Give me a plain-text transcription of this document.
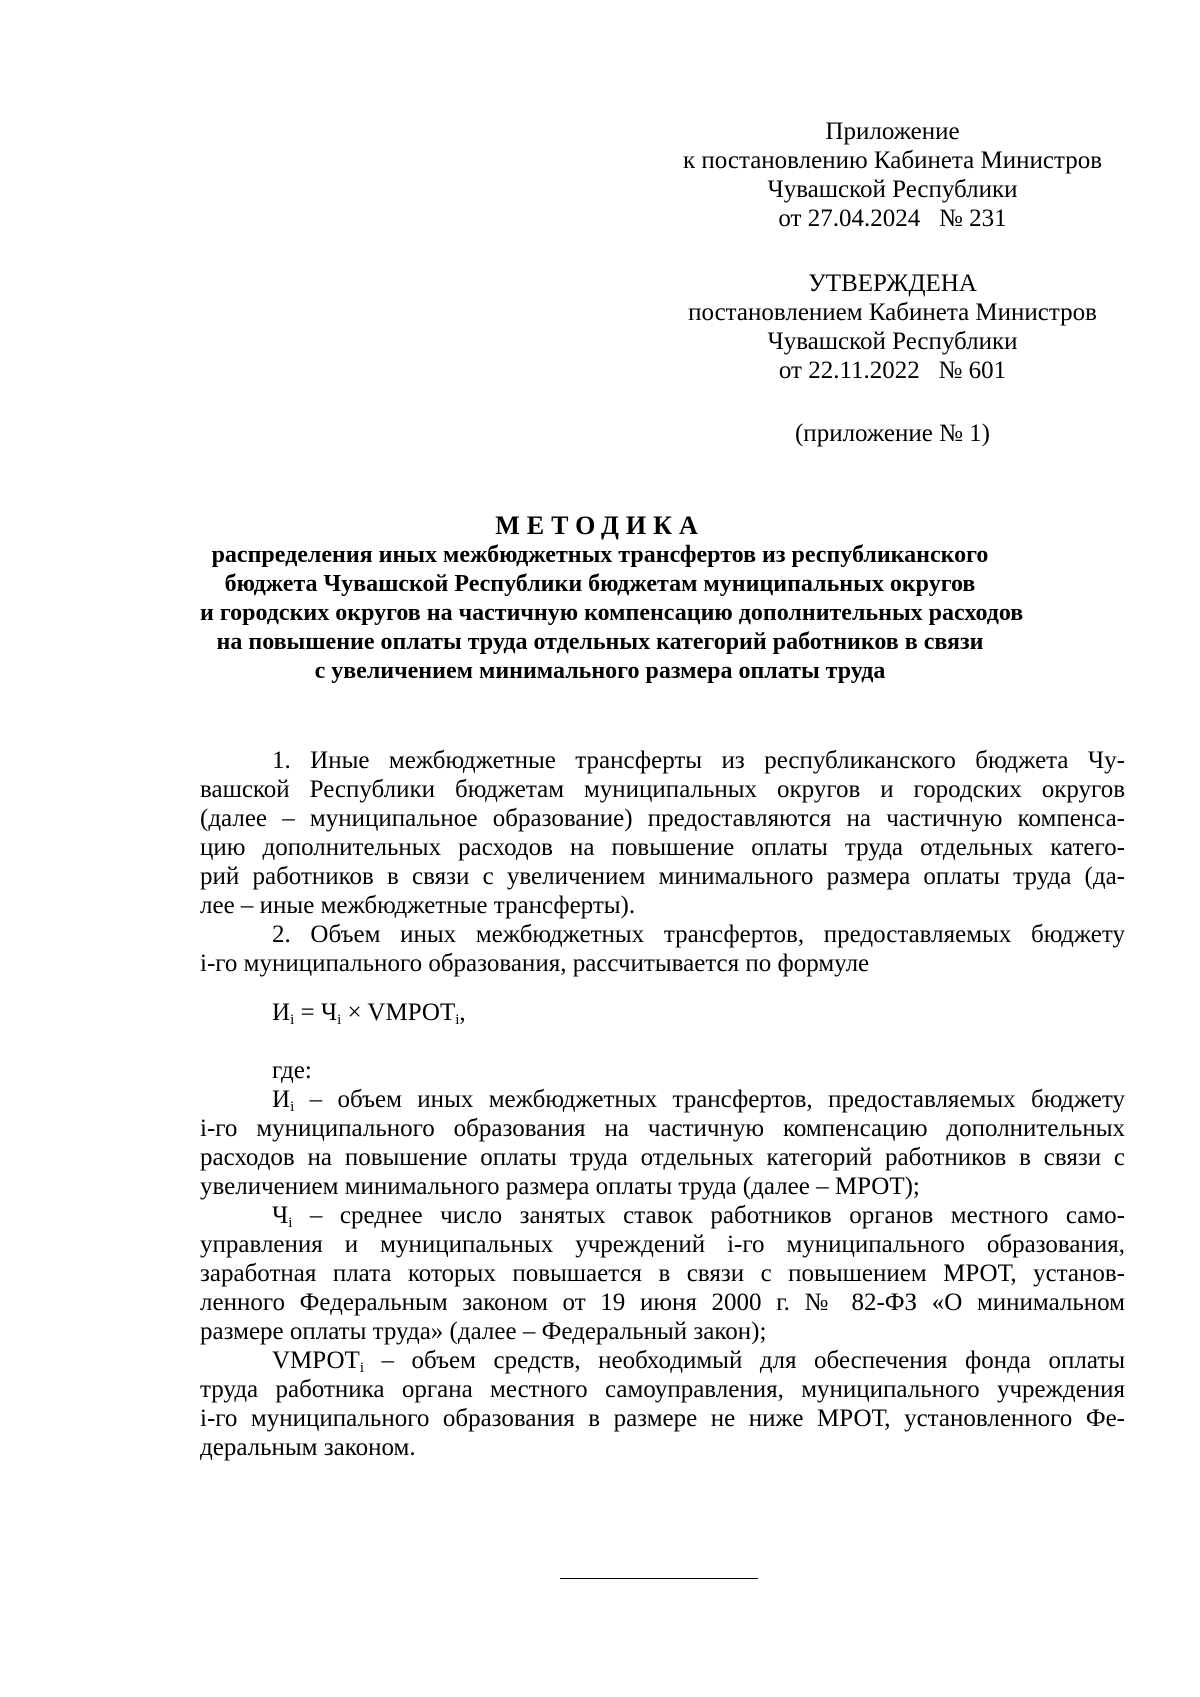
Приложение
к постановлению Кабинета Министров
Чувашской Республики
от 27.04.2024   № 231
УТВЕРЖДЕНА
постановлением Кабинета Министров
Чувашской Республики
от 22.11.2022   № 601
(приложение № 1)
МЕТОДИКА
распределения иных межбюджетных трансфертов из республиканского
бюджета Чувашской Республики бюджетам муниципальных округов
и городских округов на частичную компенсацию дополнительных расходов
на повышение оплаты труда отдельных категорий работников в связи
с увеличением минимального размера оплаты труда
1. Иные межбюджетные трансферты из республиканского бюджета Чу-
вашской Республики бюджетам муниципальных округов и городских округов
(далее – муниципальное образование) предоставляются на частичную компенса-
цию дополнительных расходов на повышение оплаты труда отдельных катего-
рий работников в связи с увеличением минимального размера оплаты труда (да-
лее – иные межбюджетные трансферты).
2. Объем иных межбюджетных трансфертов, предоставляемых бюджету
i-го муниципального образования, рассчитывается по формуле
$И_i = Ч_i$ × $VМРОТ_i$,
где:
$И_i$ – объем иных межбюджетных трансфертов, предоставляемых бюджету
i-го муниципального образования на частичную компенсацию дополнительных
расходов на повышение оплаты труда отдельных категорий работников в связи с
увеличением минимального размера оплаты труда (далее – МРОТ);
$Ч_i$ – среднее число занятых ставок работников органов местного само-
управления и муниципальных учреждений i-го муниципального образования,
заработная плата которых повышается в связи с повышением МРОТ, установ-
ленного Федеральным законом от 19 июня 2000 г. № 82-ФЗ «О минимальном
размере оплаты труда» (далее – Федеральный закон);
$VМРОТ_i$ – объем средств, необходимый для обеспечения фонда оплаты
труда работника органа местного самоуправления, муниципального учреждения
i-го муниципального образования в размере не ниже МРОТ, установленного Фе-
деральным законом.
